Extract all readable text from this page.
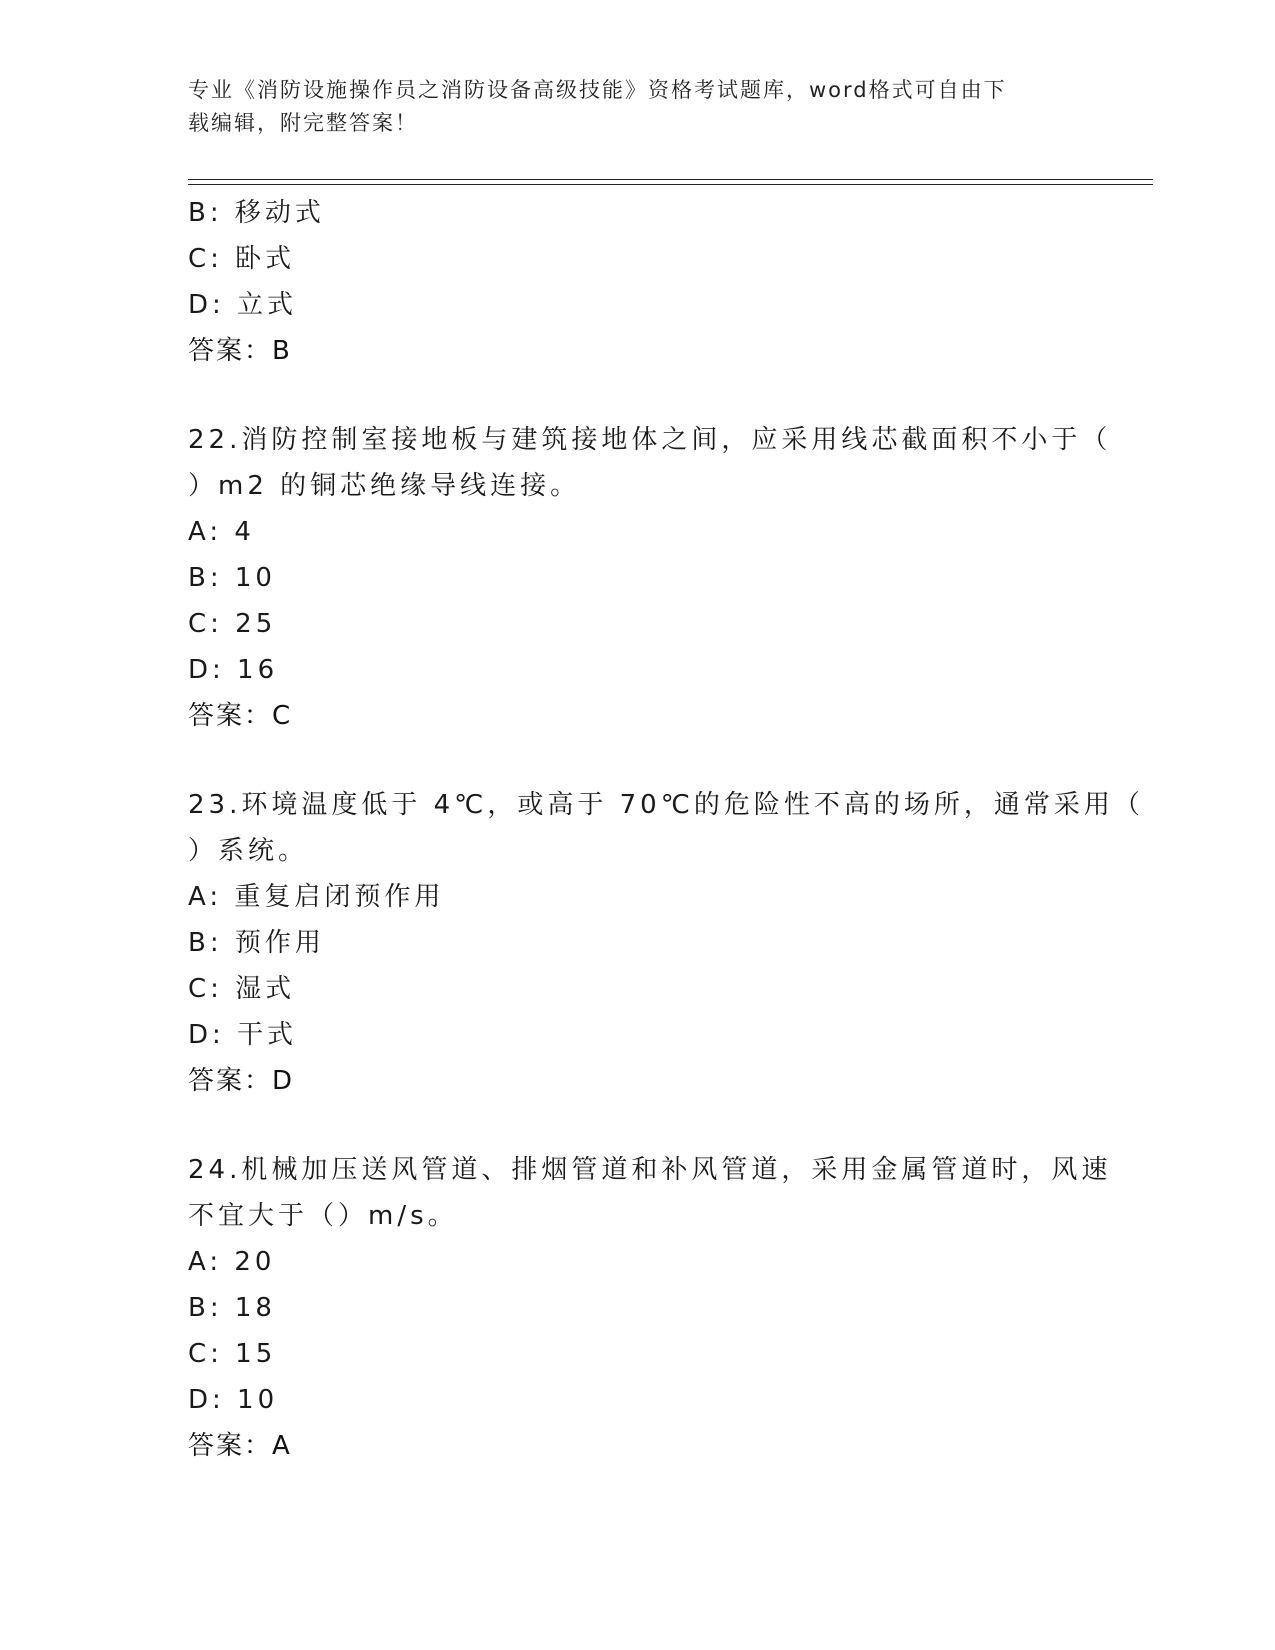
专业《消防设施操作员之消防设备高级技能》资格考试题库，word格式可自由下
载编辑，附完整答案！
B: 移动式
C: 卧式
D: 立式
答案：B
22.消防控制室接地板与建筑接地体之间，应采用线芯截面积不小于（
）m2 的铜芯绝缘导线连接。
A: 4
B: 10
C: 25
D: 16
答案：C
23.环境温度低于 4℃，或高于 70℃的危险性不高的场所，通常采用（
）系统。
A: 重复启闭预作用
B: 预作用
C: 湿式
D: 干式
答案：D
24.机械加压送风管道、排烟管道和补风管道，采用金属管道时，风速
不宜大于（）m/s。
A: 20
B: 18
C: 15
D: 10
答案：A
